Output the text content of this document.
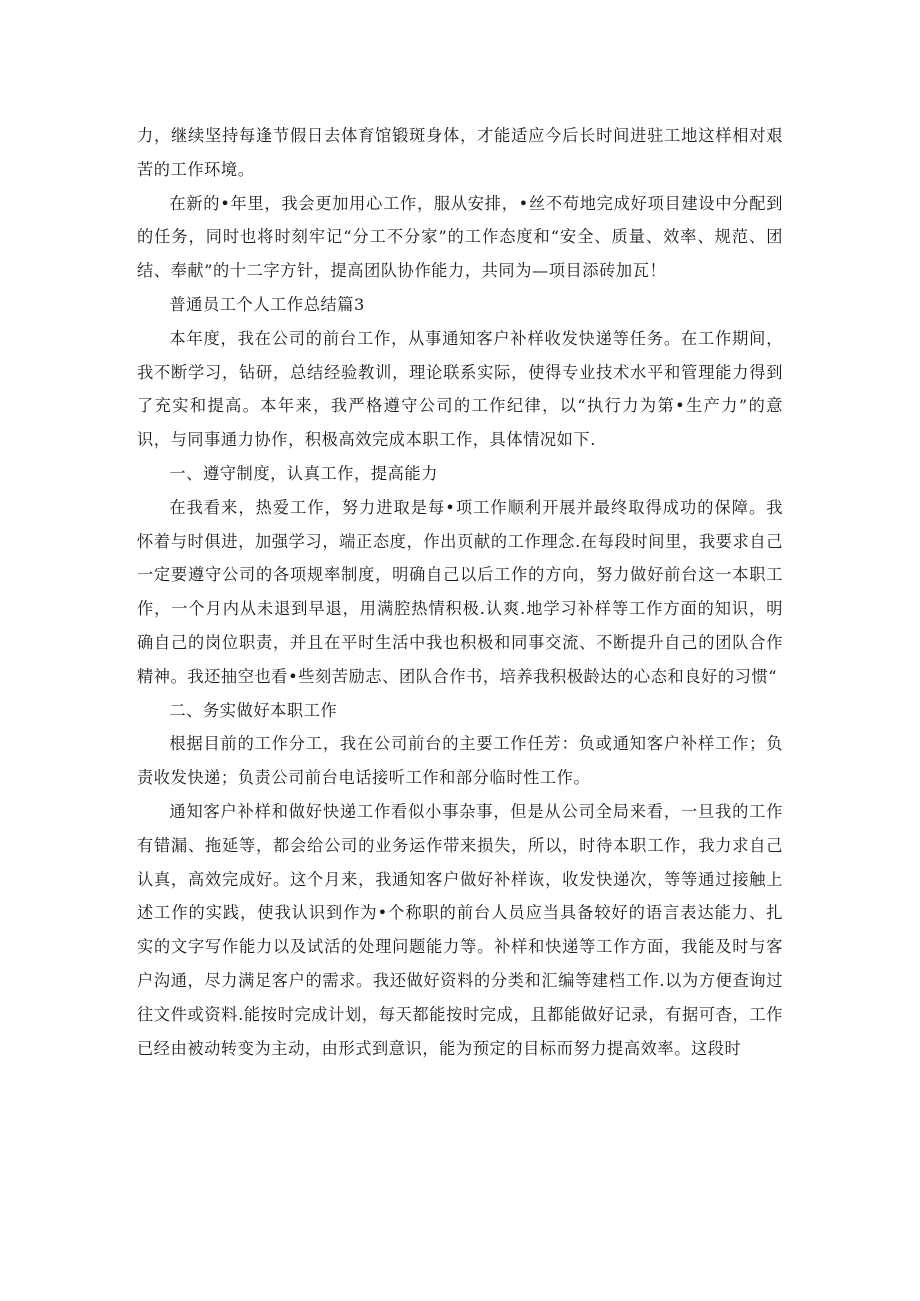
力，继续坚持每逢节假日去体育馆锻斑身体，才能适应今后长时间进驻工地这样相对艰苦的工作环境。

在新的•年里，我会更加用心工作，服从安排，•丝不苟地完成好项目建设中分配到的任务，同时也将时刻牢记“分工不分家”的工作态度和“安全、质量、效率、规范、团结、奉献”的十二字方针，提高团队协作能力，共同为—项目添砖加瓦！

普通员工个人工作总结篇3

本年度，我在公司的前台工作，从事通知客户补样收发快递等任务。在工作期间，我不断学习，钻研，总结经验教训，理论联系实际，使得专业技术水平和管理能力得到了充实和提高。本年来，我严格遵守公司的工作纪律，以“执行力为第•生产力”的意识，与同事通力协作，积极高效完成本职工作，具体情况如下.

一、遵守制度，认真工作，提高能力

在我看来，热爱工作，努力进取是每•项工作顺利开展并最终取得成功的保障。我怀着与时俱进，加强学习，端正态度，作出页献的工作理念.在每段时间里，我要求自己一定要遵守公司的各项规率制度，明确自己以后工作的方向，努力做好前台这一本职工作，一个月内从未退到早退，用满腔热情积极.认爽.地学习补样等工作方面的知识，明确自己的岗位职责，并且在平时生活中我也积极和同事交流、不断提升自己的团队合作精神。我还抽空也看•些刻苦励志、团队合作书，培养我积极龄达的心态和良好的习惯“

二、务实做好本职工作

根据目前的工作分工，我在公司前台的主要工作任芳：负或通知客户补样工作；负责收发快递；负责公司前台电话接听工作和部分临时性工作。

通知客户补样和做好快递工作看似小事杂事，但是从公司全局来看，一旦我的工作有错漏、拖延等，都会给公司的业务运作带来损失，所以，时待本职工作，我力求自己认真，高效完成好。这个月来，我通知客户做好补样诙，收发快递次，等等通过接触上述工作的实践，使我认识到作为•个称职的前台人员应当具备较好的语言表达能力、扎实的文字写作能力以及试活的处理问题能力等。补样和快递等工作方面，我能及时与客户沟通，尽力满足客户的需求。我还做好资料的分类和汇编等建档工作.以为方便查询过往文件或资料.能按时完成计划，每天都能按时完成，且都能做好记录，有据可杳，工作已经由被动转变为主动，由形式到意识，能为预定的目标而努力提高效率。这段时
